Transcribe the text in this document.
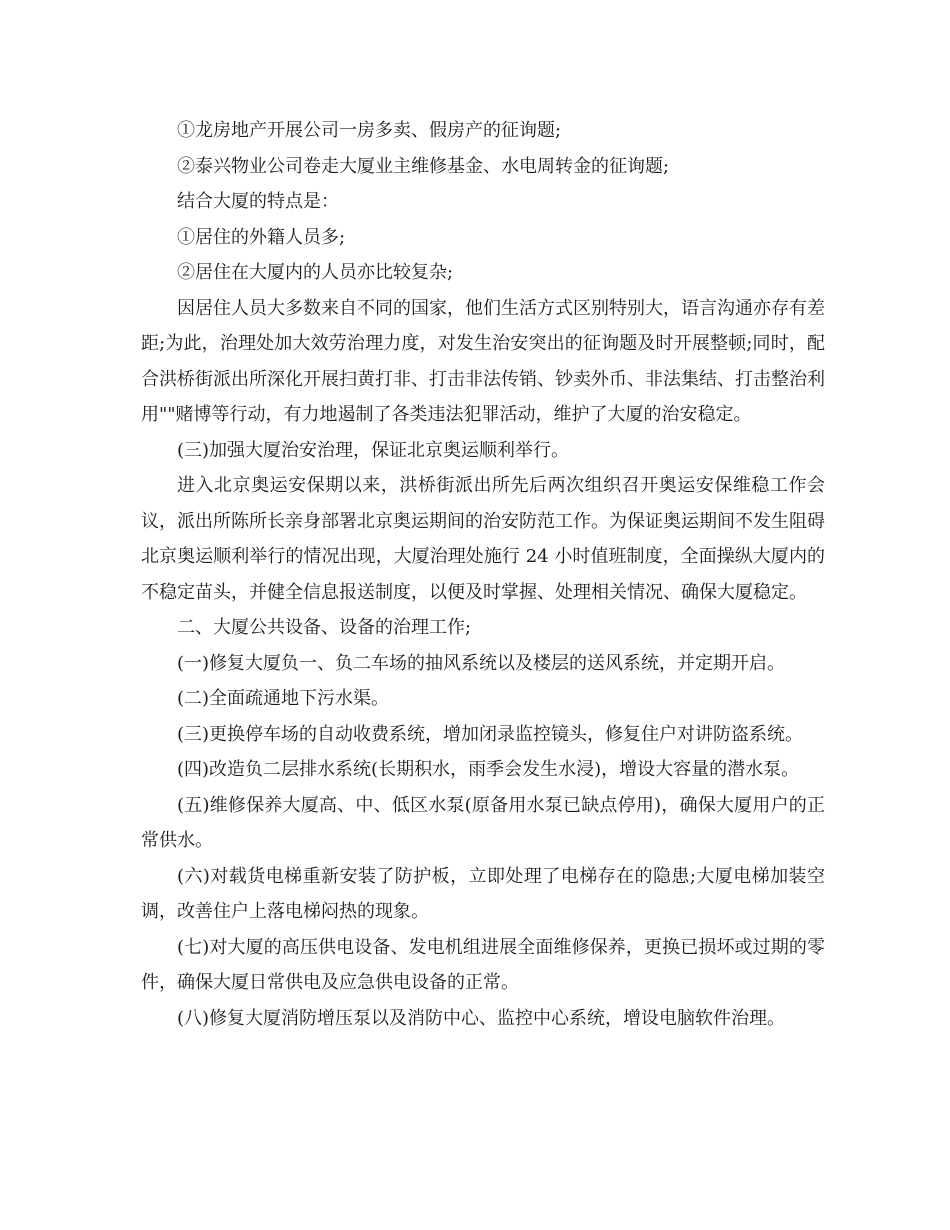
①龙房地产开展公司一房多卖、假房产的征询题;

②泰兴物业公司卷走大厦业主维修基金、水电周转金的征询题;

结合大厦的特点是：

①居住的外籍人员多;

②居住在大厦内的人员亦比较复杂;

因居住人员大多数来自不同的国家，他们生活方式区别特别大，语言沟通亦存有差距;为此，治理处加大效劳治理力度，对发生治安突出的征询题及时开展整顿;同时，配合洪桥街派出所深化开展扫黄打非、打击非法传销、钞卖外币、非法集结、打击整治利用""赌博等行动，有力地遏制了各类违法犯罪活动，维护了大厦的治安稳定。

(三)加强大厦治安治理，保证北京奥运顺利举行。

进入北京奥运安保期以来，洪桥街派出所先后两次组织召开奥运安保维稳工作会议，派出所陈所长亲身部署北京奥运期间的治安防范工作。为保证奥运期间不发生阻碍北京奥运顺利举行的情况出现，大厦治理处施行 24 小时值班制度，全面操纵大厦内的不稳定苗头，并健全信息报送制度，以便及时掌握、处理相关情况、确保大厦稳定。

二、大厦公共设备、设备的治理工作;

(一)修复大厦负一、负二车场的抽风系统以及楼层的送风系统，并定期开启。

(二)全面疏通地下污水渠。

(三)更换停车场的自动收费系统，增加闭录监控镜头，修复住户对讲防盗系统。

(四)改造负二层排水系统(长期积水，雨季会发生水浸)，增设大容量的潜水泵。

(五)维修保养大厦高、中、低区水泵(原备用水泵已缺点停用)，确保大厦用户的正常供水。

(六)对载货电梯重新安装了防护板，立即处理了电梯存在的隐患;大厦电梯加装空调，改善住户上落电梯闷热的现象。

(七)对大厦的高压供电设备、发电机组进展全面维修保养，更换已损坏或过期的零件，确保大厦日常供电及应急供电设备的正常。

(八)修复大厦消防增压泵以及消防中心、监控中心系统，增设电脑软件治理。
